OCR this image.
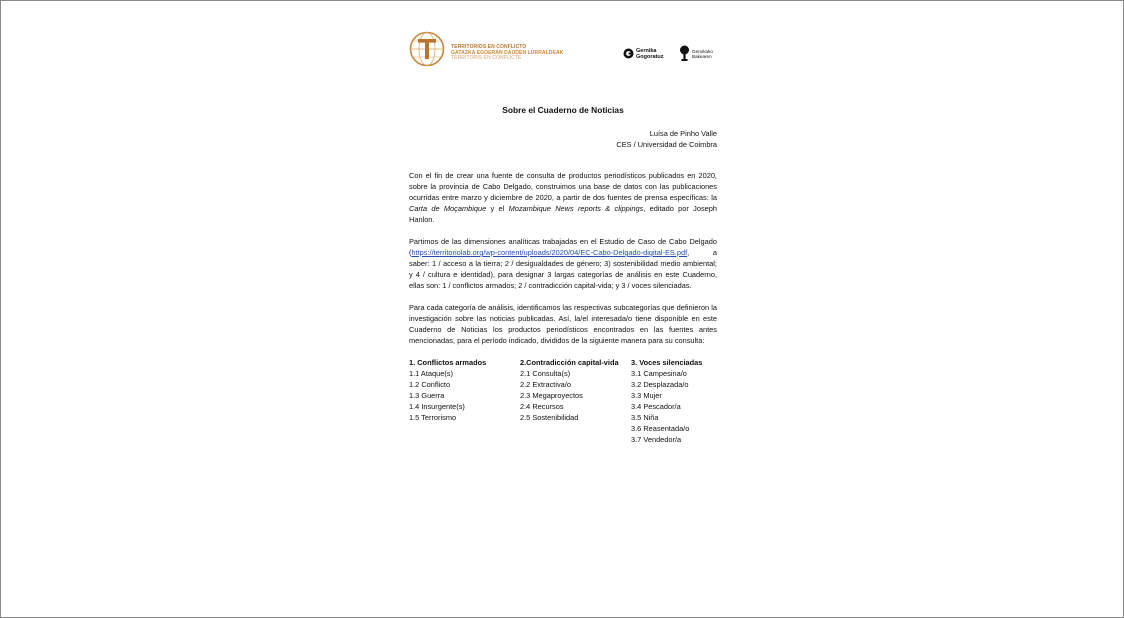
TERRITORIOS EN CONFLICTO
GATAZKA EGOERAN DAUDEN LURRALDEAK
TERRITORIS EN CONFLICTE
Gernika
Gogoratuz
Gernikako
Bakearen
Sobre el Cuaderno de Noticias
Luísa de Pinho Valle
CES / Universidad de Coimbra

Con el fin de crear una fuente de consulta de productos periodísticos publicados en 2020, sobre la provincia de Cabo Delgado, construimos una base de datos con las publicaciones ocurridas entre marzo y diciembre de 2020, a partir de dos fuentes de prensa específicas: la Carta de Moçambique y el Mozambique News reports & clippings, editado por Joseph Hanlon.

Partimos de las dimensiones analíticas trabajadas en el Estudio de Caso de Cabo Delgado (https://territoriolab.org/wp-content/uploads/2020/04/EC-Cabo-Delgado-digital-ES.pdf, a saber: 1 / acceso a la tierra; 2 / desigualdades de género; 3) sostenibilidad medio ambiental; y 4 / cultura e identidad), para designar 3 largas categorías de análisis en este Cuaderno, ellas son: 1 / conflictos armados; 2 / contradicción capital-vida; y 3 / voces silenciadas.

Para cada categoría de análisis, identificamos las respectivas subcategorías que definieron la investigación sobre las noticias publicadas. Así, la/el interesada/o tiene disponible en este Cuaderno de Noticias los productos periodísticos encontrados en las fuentes antes mencionadas, para el período indicado, divididos de la siguiente manera para su consulta:

1. Conflictos armados
1.1 Ataque(s)
1.2 Conflicto
1.3 Guerra
1.4 Insurgente(s)
1.5 Terrorismo
2.Contradicción capital-vida
2.1 Consulta(s)
2.2 Extractiva/o
2.3 Megaproyectos
2.4 Recursos
2.5 Sostenibilidad
3. Voces silenciadas
3.1 Campesina/o
3.2 Desplazada/o
3.3 Mujer
3.4 Pescador/a
3.5 Niña
3.6 Reasentada/o
3.7 Vendedor/a
